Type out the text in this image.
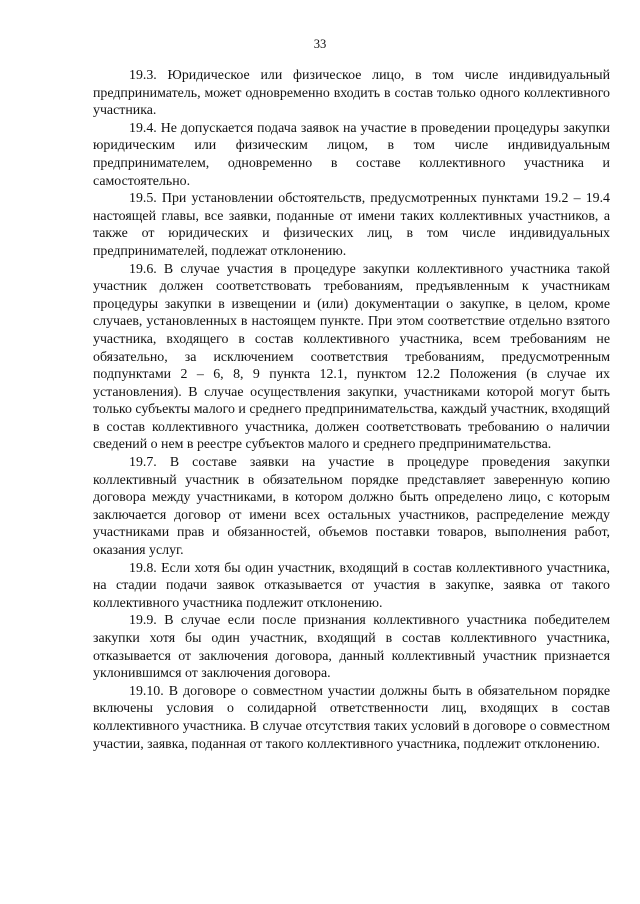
33

19.3. Юридическое или физическое лицо, в том числе индивидуальный предприниматель, может одновременно входить в состав только одного коллективного участника.

19.4. Не допускается подача заявок на участие в проведении процедуры закупки юридическим или физическим лицом, в том числе индивидуальным предпринимателем, одновременно в составе коллективного участника и самостоятельно.

19.5. При установлении обстоятельств, предусмотренных пунктами 19.2 – 19.4 настоящей главы, все заявки, поданные от имени таких коллективных участников, а также от юридических и физических лиц, в том числе индивидуальных предпринимателей, подлежат отклонению.

19.6. В случае участия в процедуре закупки коллективного участника такой участник должен соответствовать требованиям, предъявленным к участникам процедуры закупки в извещении и (или) документации о закупке, в целом, кроме случаев, установленных в настоящем пункте. При этом соответствие отдельно взятого участника, входящего в состав коллективного участника, всем требованиям не обязательно, за исключением соответствия требованиям, предусмотренным подпунктами 2 – 6, 8, 9 пункта 12.1, пунктом 12.2 Положения (в случае их установления). В случае осуществления закупки, участниками которой могут быть только субъекты малого и среднего предпринимательства, каждый участник, входящий в состав коллективного участника, должен соответствовать требованию о наличии сведений о нем в реестре субъектов малого и среднего предпринимательства.

19.7. В составе заявки на участие в процедуре проведения закупки коллективный участник в обязательном порядке представляет заверенную копию договора между участниками, в котором должно быть определено лицо, с которым заключается договор от имени всех остальных участников, распределение между участниками прав и обязанностей, объемов поставки товаров, выполнения работ, оказания услуг.

19.8. Если хотя бы один участник, входящий в состав коллективного участника, на стадии подачи заявок отказывается от участия в закупке, заявка от такого коллективного участника подлежит отклонению.

19.9. В случае если после признания коллективного участника победителем закупки хотя бы один участник, входящий в состав коллективного участника, отказывается от заключения договора, данный коллективный участник признается уклонившимся от заключения договора.

19.10. В договоре о совместном участии должны быть в обязательном порядке включены условия о солидарной ответственности лиц, входящих в состав коллективного участника. В случае отсутствия таких условий в договоре о совместном участии, заявка, поданная от такого коллективного участника, подлежит отклонению.
